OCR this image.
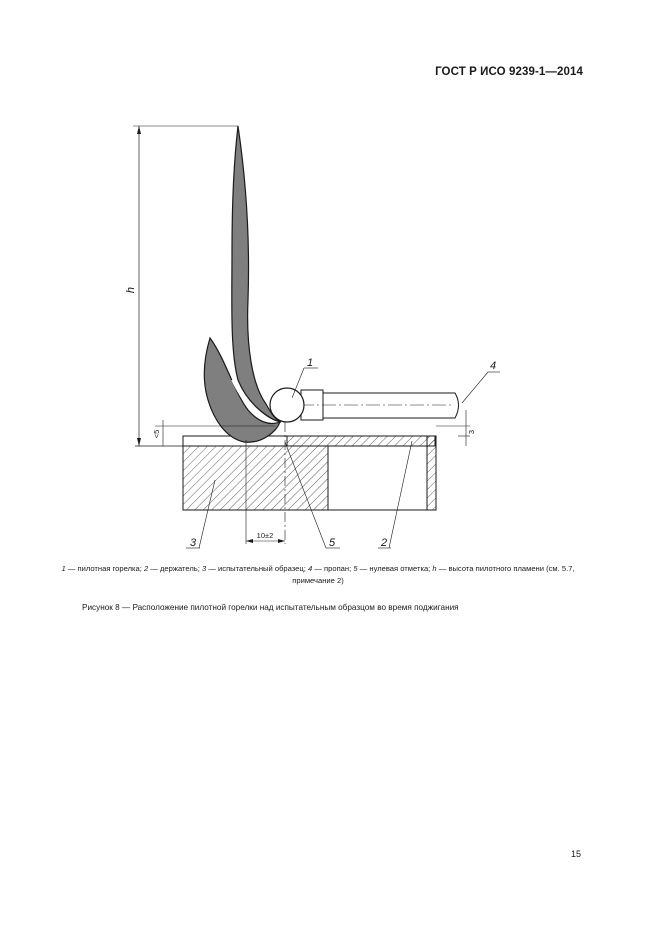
ГОСТ Р ИСО 9239-1—2014
h
<5	3
10±2
1	4
3	5	2
1 — пилотная горелка; 2 — держатель; 3 — испытательный образец; 4 — пропан; 5 — нулевая отметка; h — высота пилотного пламени (см. 5.7, примечание 2)
Рисунок 8 — Расположение пилотной горелки над испытательным образцом во время поджигания
15
